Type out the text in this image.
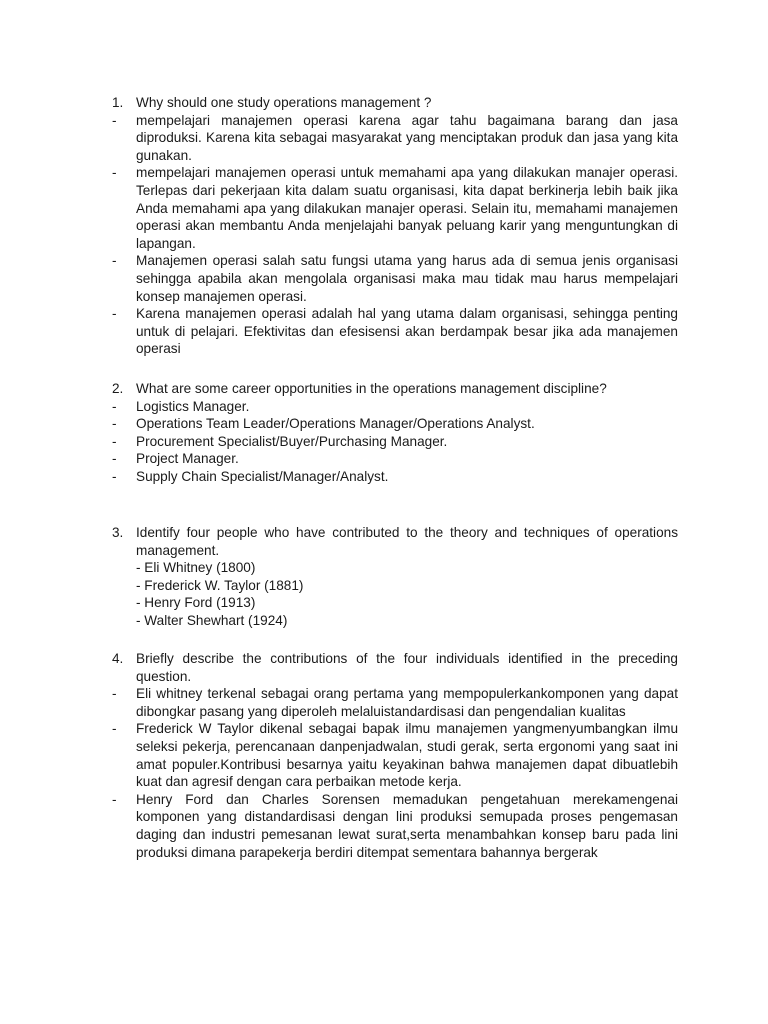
1. Why should one study operations management ?
- mempelajari manajemen operasi karena agar tahu bagaimana barang dan jasa diproduksi. Karena kita sebagai masyarakat yang menciptakan produk dan jasa yang kita gunakan.
- mempelajari manajemen operasi untuk memahami apa yang dilakukan manajer operasi. Terlepas dari pekerjaan kita dalam suatu organisasi, kita dapat berkinerja lebih baik jika Anda memahami apa yang dilakukan manajer operasi. Selain itu, memahami manajemen operasi akan membantu Anda menjelajahi banyak peluang karir yang menguntungkan di lapangan.
- Manajemen operasi salah satu fungsi utama yang harus ada di semua jenis organisasi sehingga apabila akan mengolala organisasi maka mau tidak mau harus mempelajari konsep manajemen operasi.
- Karena manajemen operasi adalah hal yang utama dalam organisasi, sehingga penting untuk di pelajari. Efektivitas dan efesisensi akan berdampak besar jika ada manajemen operasi
2. What are some career opportunities in the operations management discipline?
- Logistics Manager.
- Operations Team Leader/Operations Manager/Operations Analyst.
- Procurement Specialist/Buyer/Purchasing Manager.
- Project Manager.
- Supply Chain Specialist/Manager/Analyst.
3. Identify four people who have contributed to the theory and techniques of operations management.
- Eli Whitney (1800)
- Frederick W. Taylor (1881)
- Henry Ford (1913)
- Walter Shewhart (1924)
4. Briefly describe the contributions of the four individuals identified in the preceding question.
- Eli whitney terkenal sebagai orang pertama yang mempopulerkankomponen yang dapat dibongkar pasang yang diperoleh melaluistandardisasi dan pengendalian kualitas
- Frederick W Taylor dikenal sebagai bapak ilmu manajemen yangmenyumbangkan ilmu seleksi pekerja, perencanaan danpenjadwalan, studi gerak, serta ergonomi yang saat ini amat populer.Kontribusi besarnya yaitu keyakinan bahwa manajemen dapat dibuatlebih kuat dan agresif dengan cara perbaikan metode kerja.
- Henry Ford dan Charles Sorensen memadukan pengetahuan merekamengenai komponen yang distandardisasi dengan lini produksi semupada proses pengemasan daging dan industri pemesanan lewat surat,serta menambahkan konsep baru pada lini produksi dimana parapekerja berdiri ditempat sementara bahannya bergerak
